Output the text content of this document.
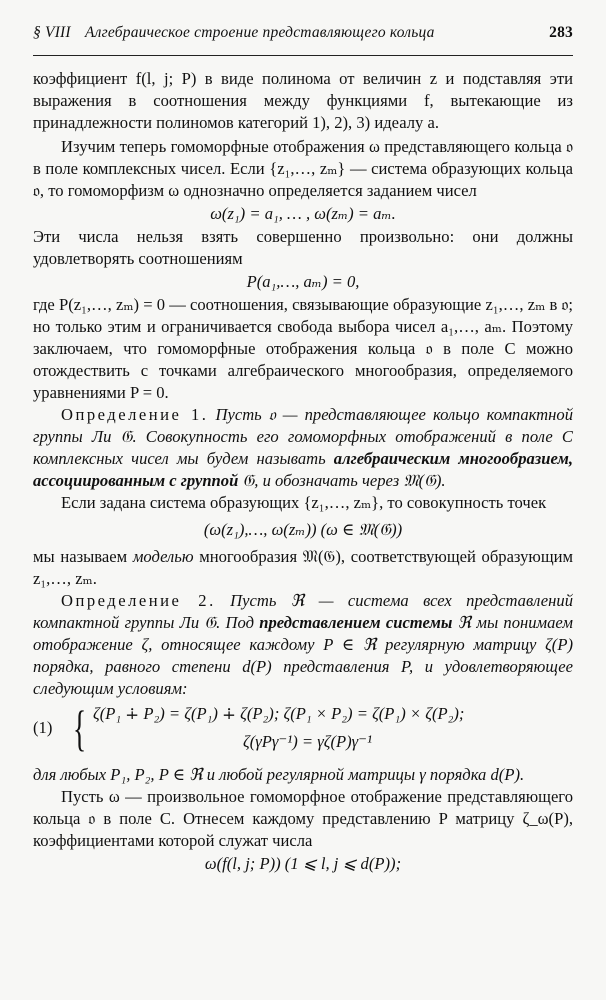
§ VIII Алгебраическое строение представляющего кольца	283

коэффициент f(l, j; P) в виде полинома от величин z и подставляя эти выражения в соотношения между функциями f, вытекающие из принадлежности полиномов категорий 1), 2), 3) идеалу a.

Изучим теперь гомоморфные отображения ω представляющего кольца 𝔬 в поле комплексных чисел. Если {z₁,…, zₘ} — система образующих кольца 𝔬, то гомоморфизм ω однозначно определяется заданием чисел

ω(z₁) = a₁, … , ω(zₘ) = aₘ.

Эти числа нельзя взять совершенно произвольно: они должны удовлетворять соотношениям

P(a₁,…, aₘ) = 0,

где P(z₁,…, zₘ) = 0 — соотношения, связывающие образующие z₁,…, zₘ в 𝔬; но только этим и ограничивается свобода выбора чисел a₁,…, aₘ. Поэтому заключаем, что гомоморфные отображения кольца 𝔬 в поле C можно отождествить с точками алгебраического многообразия, определяемого уравнениями P = 0.

Определение 1. Пусть 𝔬 — представляющее кольцо компактной группы Ли 𝔊. Совокупность его гомоморфных отображений в поле C комплексных чисел мы будем называть алгебраическим многообразием, ассоциированным с группой 𝔊, и обозначать через 𝔐(𝔊).

Если задана система образующих {z₁,…, zₘ}, то совокупность точек

(ω(z₁),…, ω(zₘ)) (ω ∈ 𝔐(𝔊))

мы называем моделью многообразия 𝔐(𝔊), соответствующей образующим z₁,…, zₘ.

Определение 2. Пусть ℜ — система всех представлений компактной группы Ли 𝔊. Под представлением системы ℜ мы понимаем отображение ζ, относящее каждому P ∈ ℜ регулярную матрицу ζ(P) порядка, равного степени d(P) представления P, и удовлетворяющее следующим условиям:

(1) { ζ(P₁ ∔ P₂) = ζ(P₁) ∔ ζ(P₂); ζ(P₁ × P₂) = ζ(P₁) × ζ(P₂);
ζ(γPγ⁻¹) = γζ(P)γ⁻¹

для любых P₁, P₂, P ∈ ℜ и любой регулярной матрицы γ порядка d(P).

Пусть ω — произвольное гомоморфное отображение представляющего кольца 𝔬 в поле C. Отнесем каждому представлению P матрицу ζ_ω(P), коэффициентами которой служат числа

ω(f(l, j; P)) (1 ⩽ l, j ⩽ d(P));
